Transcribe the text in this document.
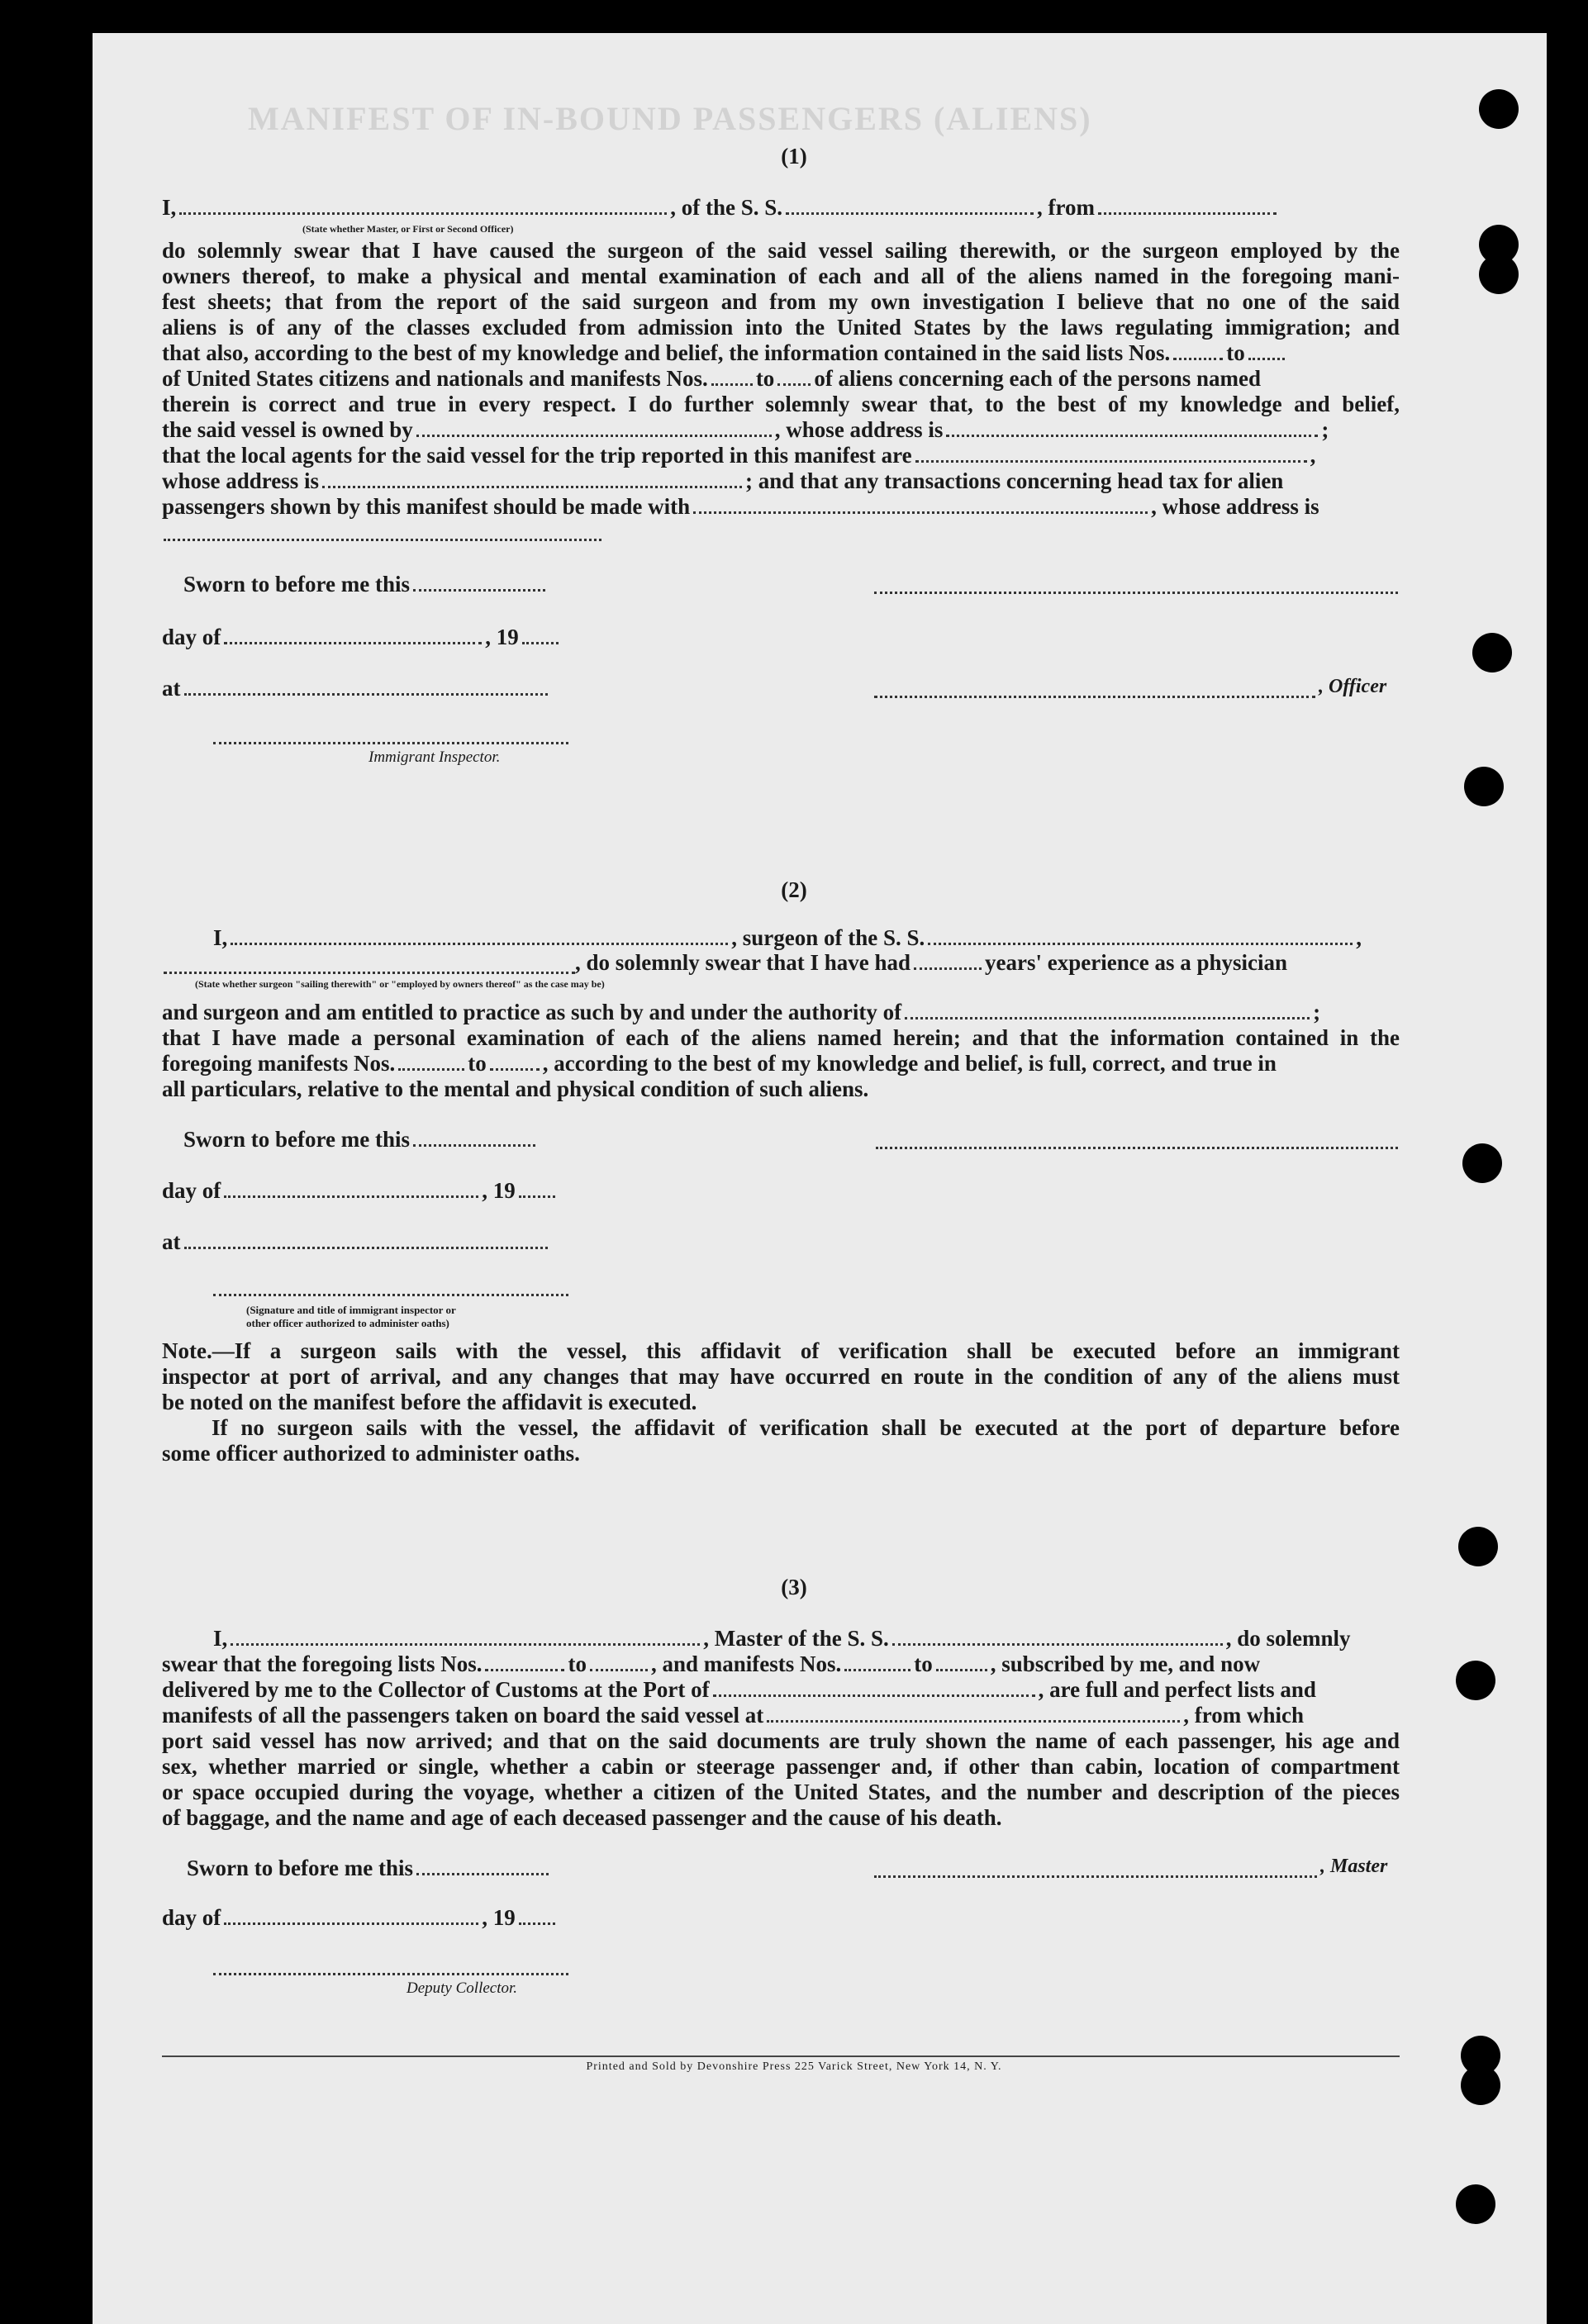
MANIFEST OF IN-BOUND PASSENGERS (ALIENS)
(1)
I,	, of the S. S.	, from
(State whether Master, or First or Second Officer)
do solemnly swear that I have caused the surgeon of the said vessel sailing therewith, or the surgeon employed by the
owners thereof, to make a physical and mental examination of each and all of the aliens named in the foregoing mani-
fest sheets; that from the report of the said surgeon and from my own investigation I believe that no one of the said
aliens is of any of the classes excluded from admission into the United States by the laws regulating immigration; and
that also, according to the best of my knowledge and belief, the information contained in the said lists Nos.	to
of United States citizens and nationals and manifests Nos. to of aliens concerning each of the persons named
therein is correct and true in every respect. I do further solemnly swear that, to the best of my knowledge and belief,
the said vessel is owned by	, whose address is	;
that the local agents for the said vessel for the trip reported in this manifest are	,
whose address is	; and that any transactions concerning head tax for alien
passengers shown by this manifest should be made with	, whose address is
Sworn to before me this
day of	, 19
at	, Officer
Immigrant Inspector.
(2)
I,	, surgeon of the S. S.	,
, do solemnly swear that I have had	years' experience as a physician
(State whether surgeon "sailing therewith" or "employed by owners thereof" as the case may be)
and surgeon and am entitled to practice as such by and under the authority of	;
that I have made a personal examination of each of the aliens named herein; and that the information contained in the
foregoing manifests Nos.	to	, according to the best of my knowledge and belief, is full, correct, and true in
all particulars, relative to the mental and physical condition of such aliens.
Sworn to before me this
day of	, 19
at
(Signature and title of immigrant inspector or
other officer authorized to administer oaths)
Note.—If a surgeon sails with the vessel, this affidavit of verification shall be executed before an immigrant
inspector at port of arrival, and any changes that may have occurred en route in the condition of any of the aliens must
be noted on the manifest before the affidavit is executed.
If no surgeon sails with the vessel, the affidavit of verification shall be executed at the port of departure before
some officer authorized to administer oaths.
(3)
I,	, Master of the S. S.	, do solemnly
swear that the foregoing lists Nos.	to	, and manifests Nos.	to	, subscribed by me, and now
delivered by me to the Collector of Customs at the Port of	, are full and perfect lists and
manifests of all the passengers taken on board the said vessel at	, from which
port said vessel has now arrived; and that on the said documents are truly shown the name of each passenger, his age and
sex, whether married or single, whether a cabin or steerage passenger and, if other than cabin, location of compartment
or space occupied during the voyage, whether a citizen of the United States, and the number and description of the pieces
of baggage, and the name and age of each deceased passenger and the cause of his death.
Sworn to before me this	, Master
day of	, 19
Deputy Collector.
Printed and Sold by Devonshire Press 225 Varick Street, New York 14, N. Y.
